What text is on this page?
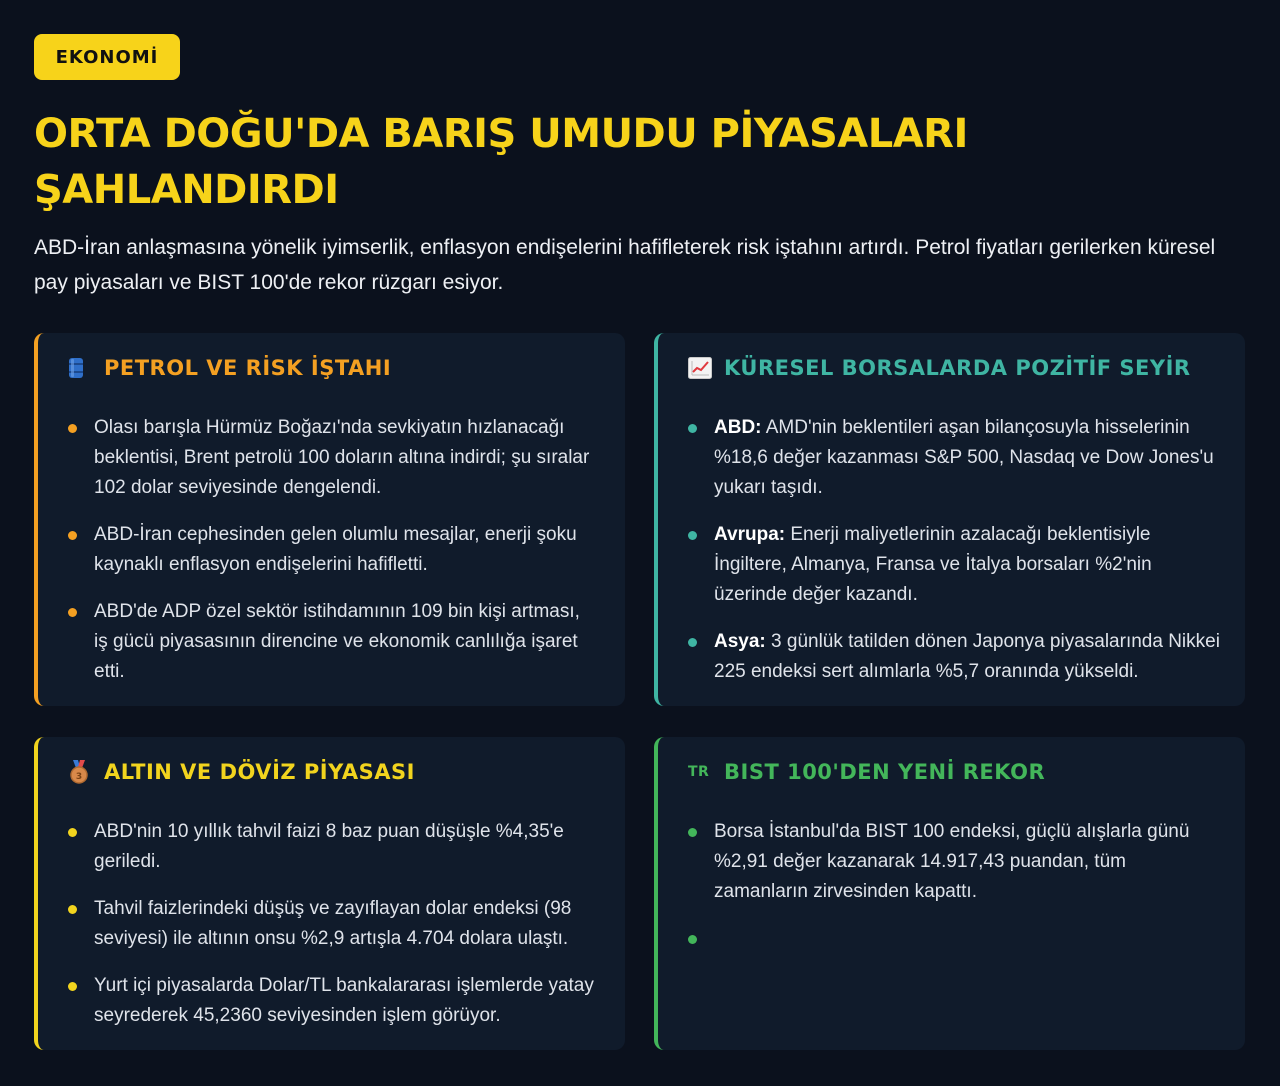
EKONOMİ
ORTA DOĞU'DA BARIŞ UMUDU PİYASALARI ŞAHLANDIRDI

ABD-İran anlaşmasına yönelik iyimserlik, enflasyon endişelerini hafifleterek risk iştahını artırdı. Petrol fiyatları gerilerken küresel pay piyasaları ve BIST 100'de rekor rüzgarı esiyor.

PETROL VE RİSK İŞTAHI
Olası barışla Hürmüz Boğazı'nda sevkiyatın hızlanacağı beklentisi, Brent petrolü 100 doların altına indirdi; şu sıralar 102 dolar seviyesinde dengelendi.
ABD-İran cephesinden gelen olumlu mesajlar, enerji şoku kaynaklı enflasyon endişelerini hafifletti.
ABD'de ADP özel sektör istihdamının 109 bin kişi artması, iş gücü piyasasının direncine ve ekonomik canlılığa işaret etti.
KÜRESEL BORSALARDA POZİTİF SEYİR
ABD: AMD'nin beklentileri aşan bilançosuyla hisselerinin %18,6 değer kazanması S&P 500, Nasdaq ve Dow Jones'u yukarı taşıdı.
Avrupa: Enerji maliyetlerinin azalacağı beklentisiyle İngiltere, Almanya, Fransa ve İtalya borsaları %2'nin üzerinde değer kazandı.
Asya: 3 günlük tatilden dönen Japonya piyasalarında Nikkei 225 endeksi sert alımlarla %5,7 oranında yükseldi.
3 ALTIN VE DÖVİZ PİYASASI
ABD'nin 10 yıllık tahvil faizi 8 baz puan düşüşle %4,35'e geriledi.
Tahvil faizlerindeki düşüş ve zayıflayan dolar endeksi (98 seviyesi) ile altının onsu %2,9 artışla 4.704 dolara ulaştı.
Yurt içi piyasalarda Dolar/TL bankalararası işlemlerde yatay seyrederek 45,2360 seviyesinden işlem görüyor.
TR BIST 100'DEN YENİ REKOR
Borsa İstanbul'da BIST 100 endeksi, güçlü alışlarla günü %2,91 değer kazanarak 14.917,43 puandan, tüm zamanların zirvesinden kapattı.
